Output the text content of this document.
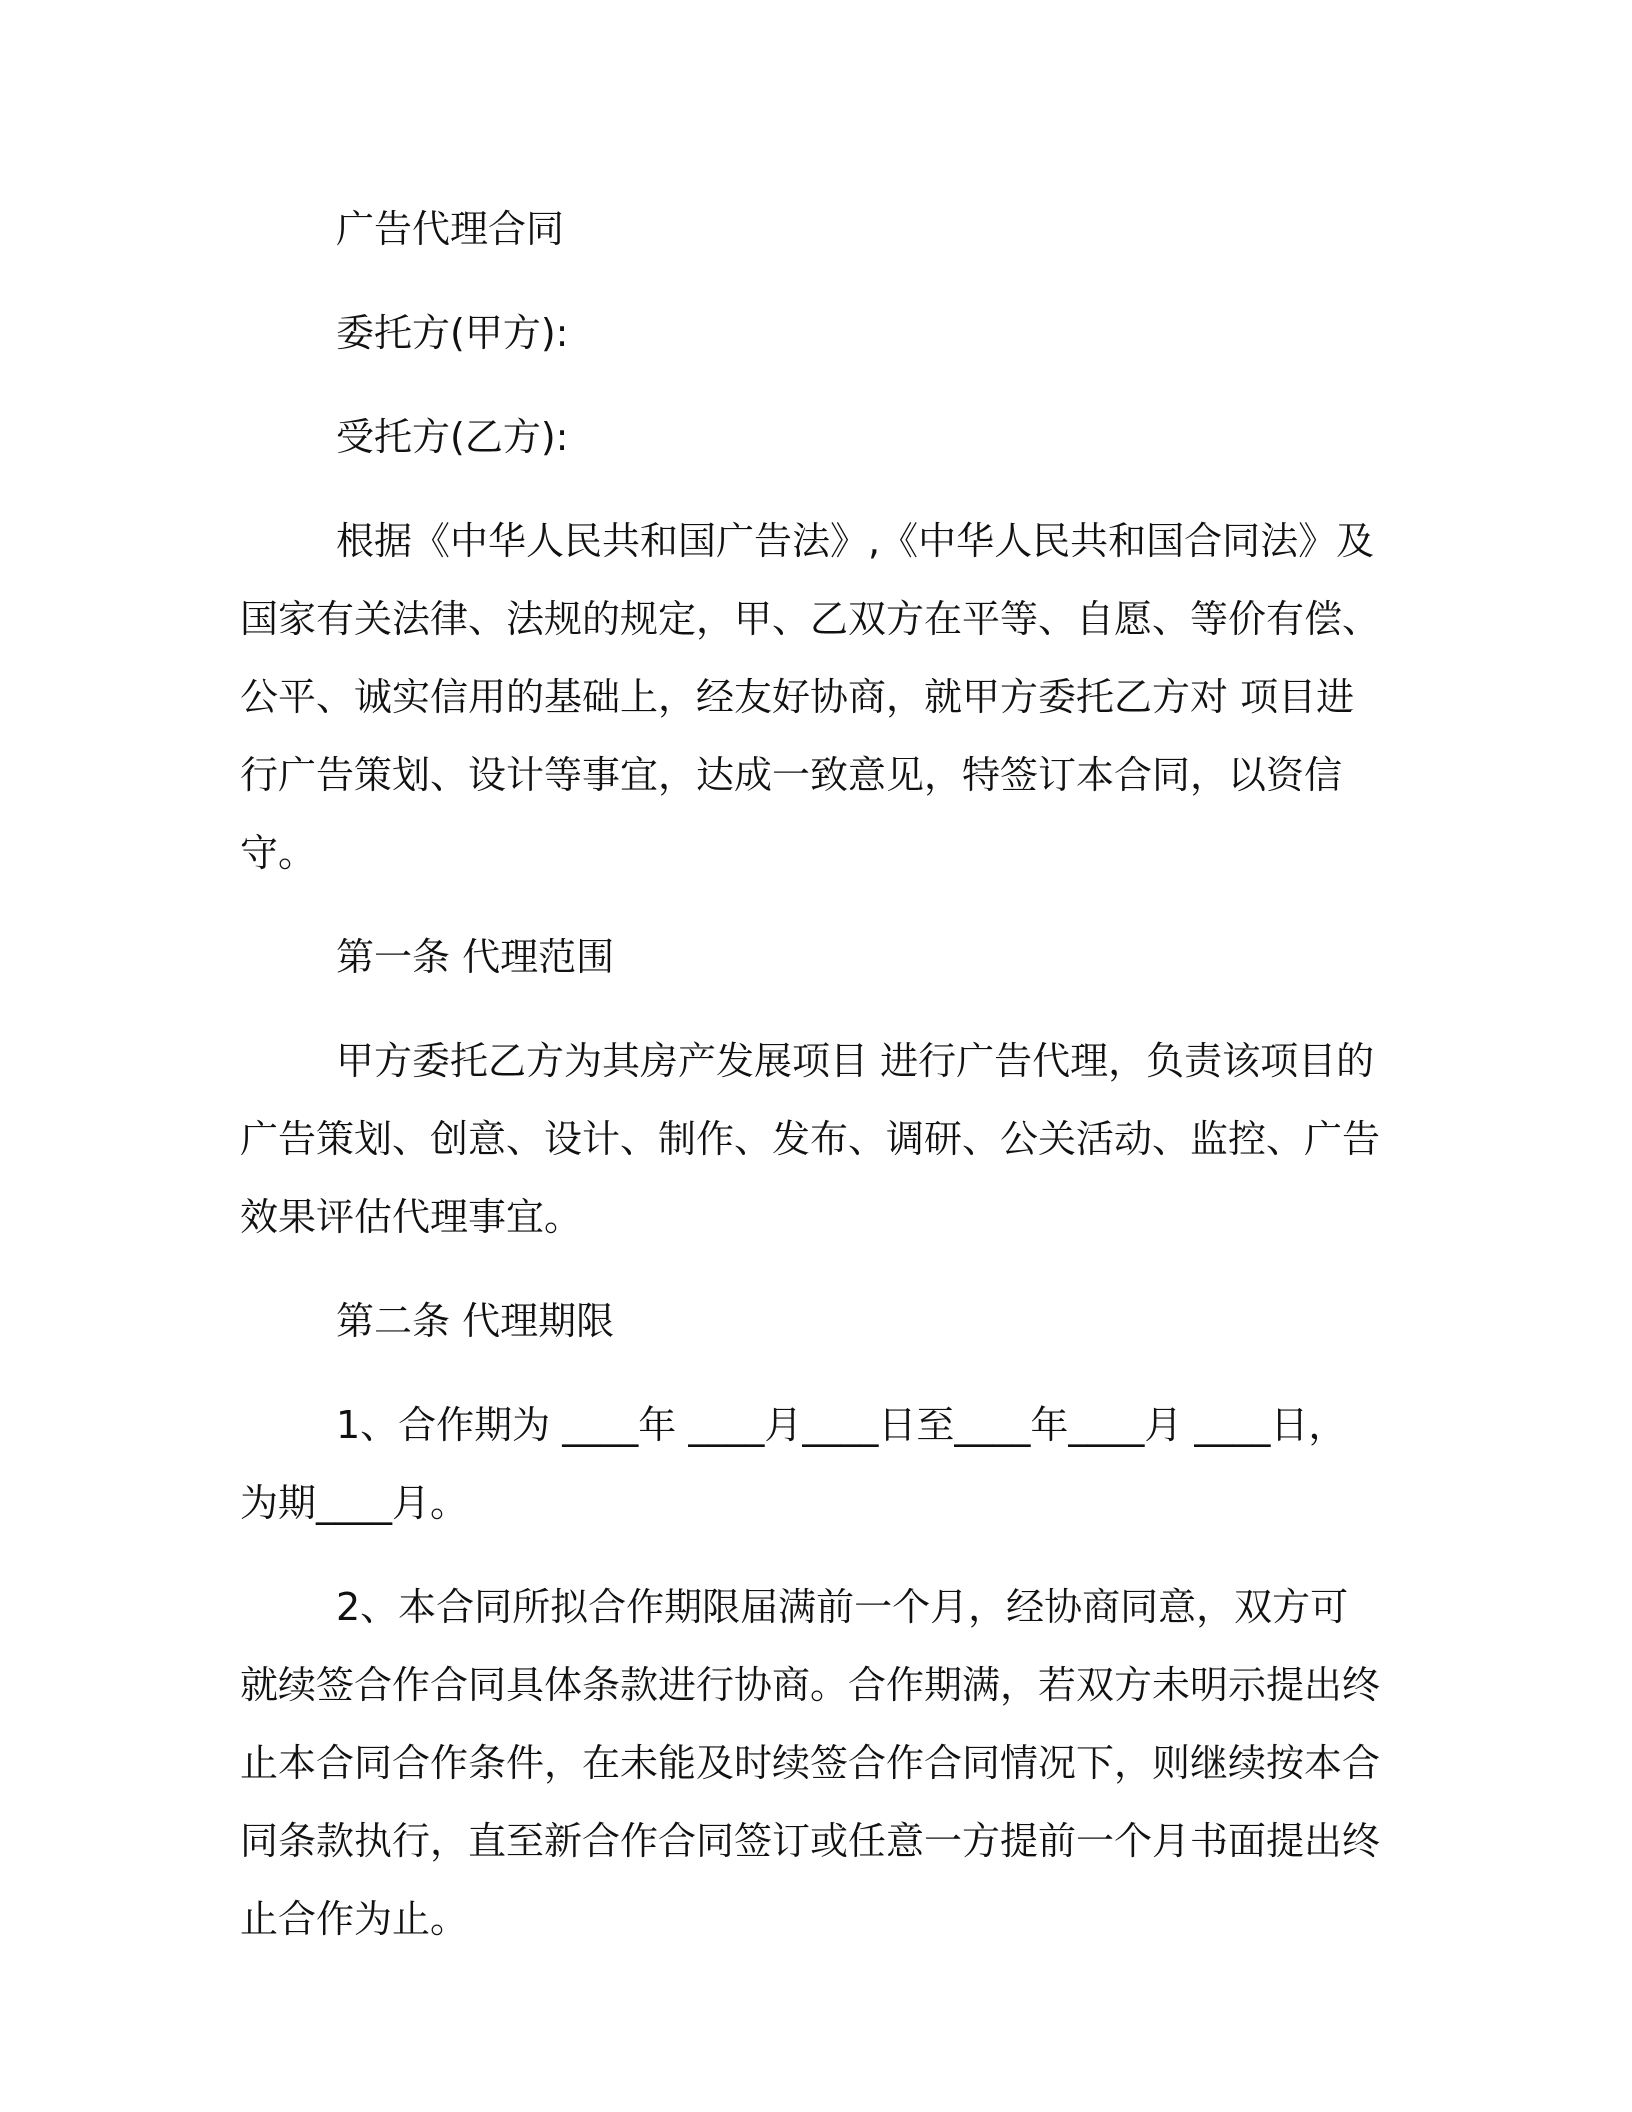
广告代理合同

委托方(甲方):

受托方(乙方):

根据《中华人民共和国广告法》,《中华人民共和国合同法》及国家有关法律、法规的规定，甲、乙双方在平等、自愿、等价有偿、公平、诚实信用的基础上，经友好协商，就甲方委托乙方对 项目进行广告策划、设计等事宜，达成一致意见，特签订本合同，以资信守。

第一条 代理范围

甲方委托乙方为其房产发展项目 进行广告代理，负责该项目的广告策划、创意、设计、制作、发布、调研、公关活动、监控、广告效果评估代理事宜。

第二条 代理期限

1、合作期为 ____年 ____月____日至____年____月 ____日，为期____月。

2、本合同所拟合作期限届满前一个月，经协商同意，双方可就续签合作合同具体条款进行协商。合作期满，若双方未明示提出终止本合同合作条件，在未能及时续签合作合同情况下，则继续按本合同条款执行，直至新合作合同签订或任意一方提前一个月书面提出终止合作为止。
